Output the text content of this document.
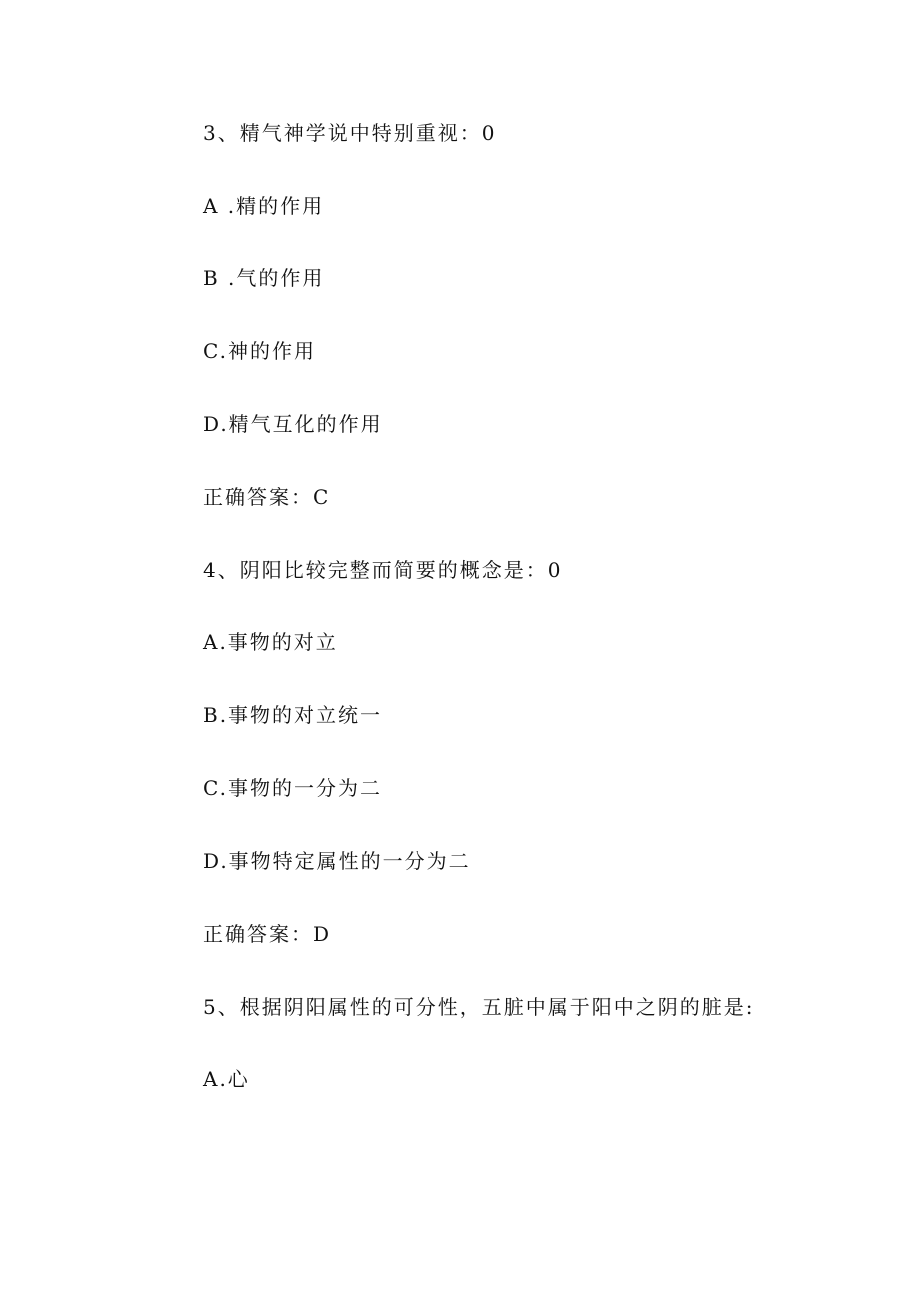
3、精气神学说中特别重视：0
A .精的作用
B .气的作用
C.神的作用
D.精气互化的作用
正确答案：C
4、阴阳比较完整而简要的概念是：0
A.事物的对立
B.事物的对立统一
C.事物的一分为二
D.事物特定属性的一分为二
正确答案：D
5、根据阴阳属性的可分性，五脏中属于阳中之阴的脏是:
A.心
